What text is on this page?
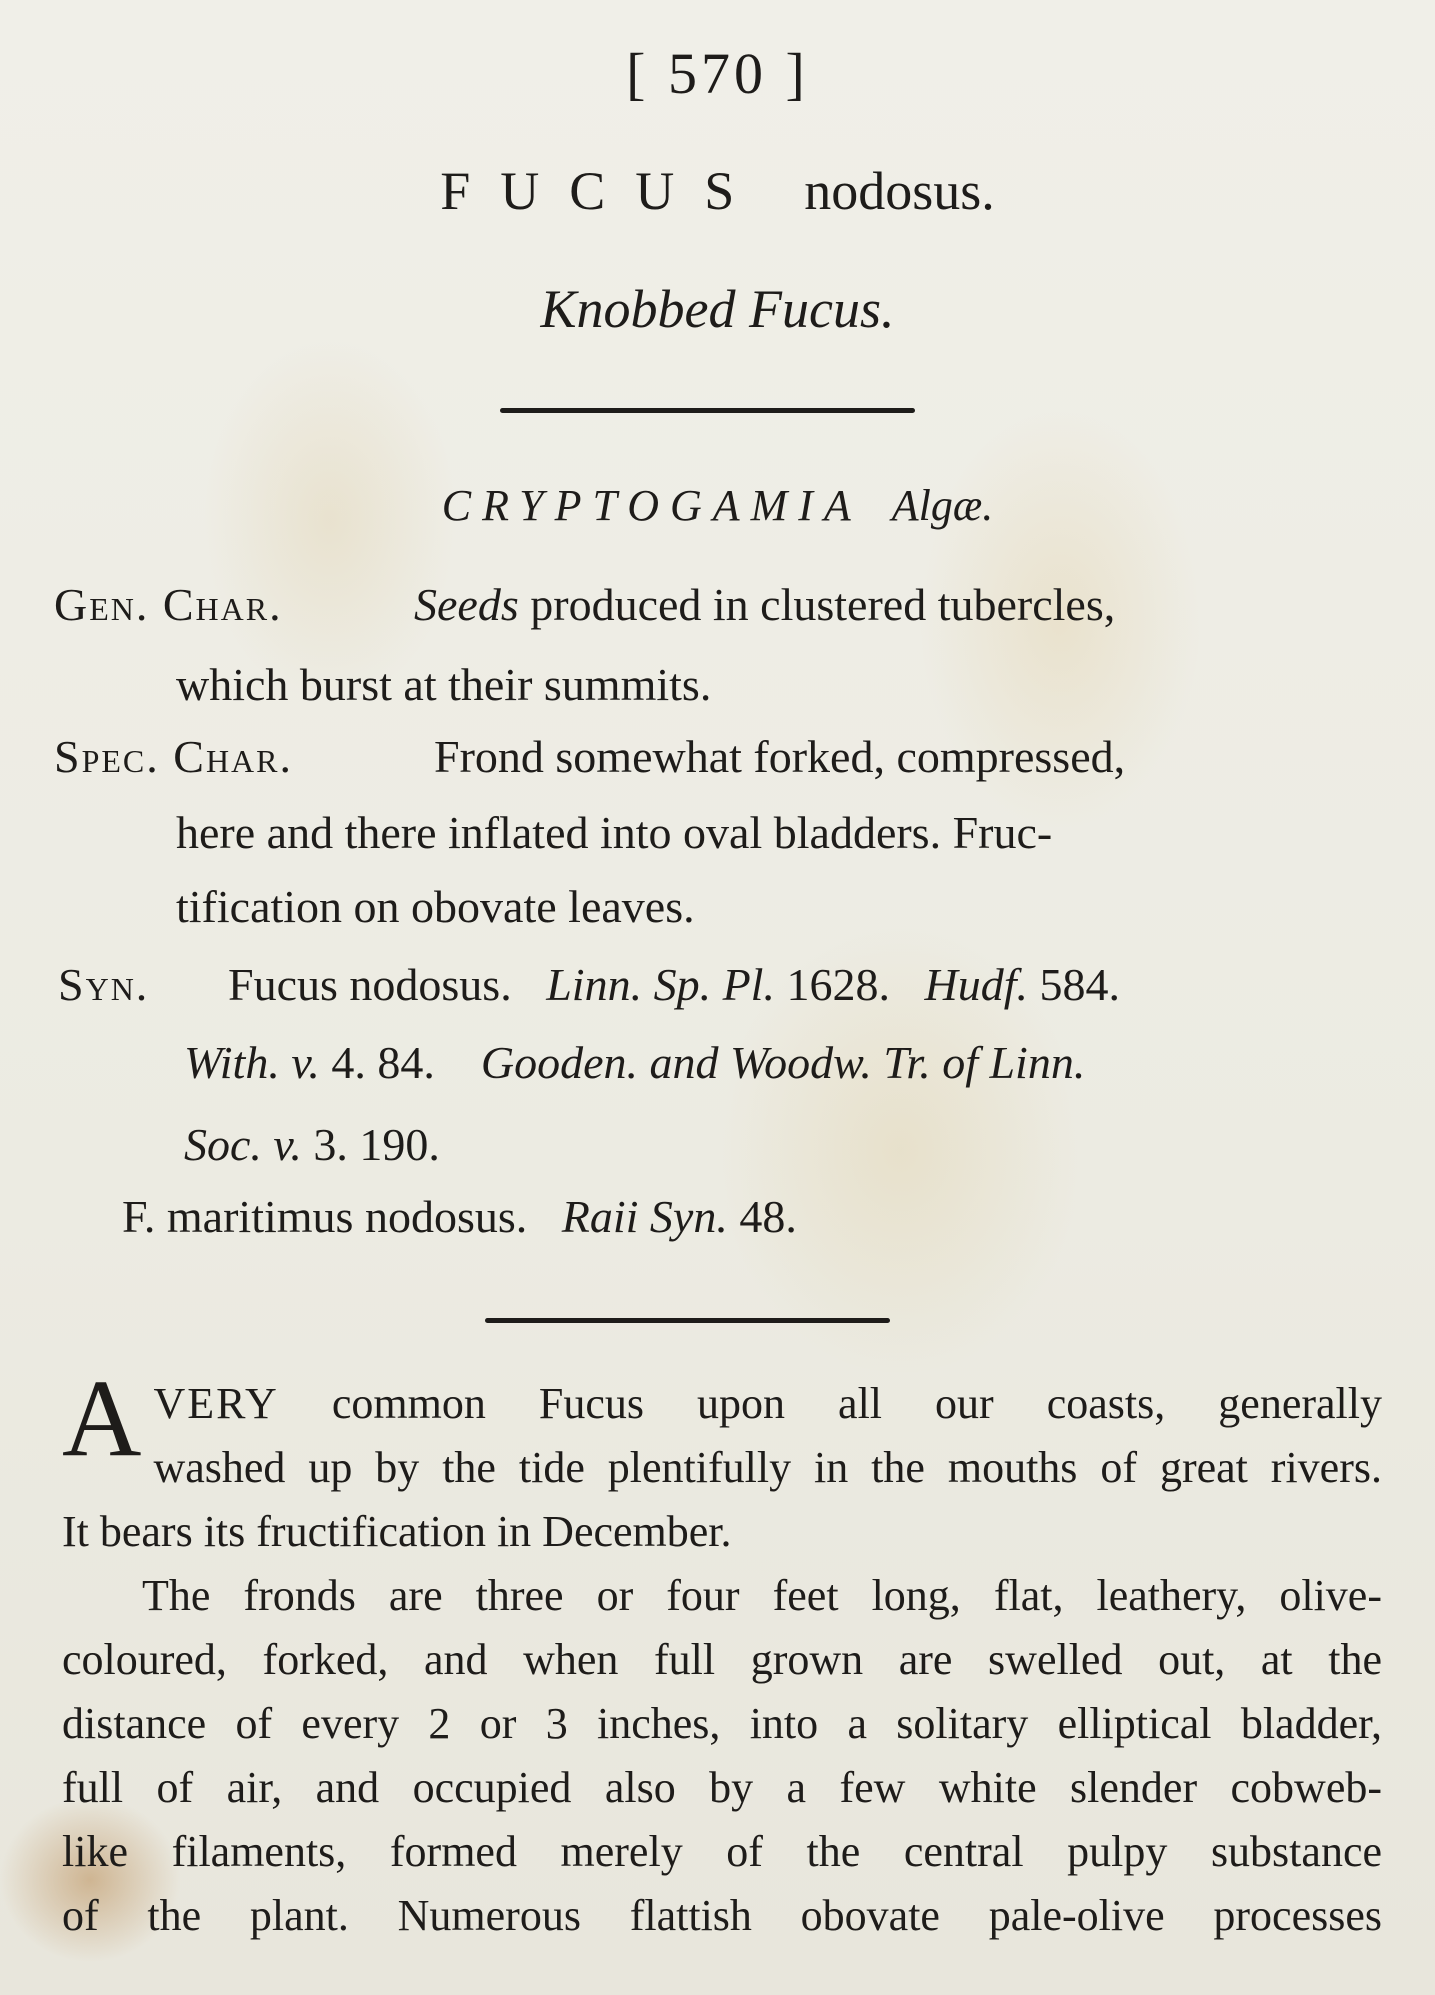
[ 570 ]
FUCUS nodosus.
Knobbed Fucus.
CRYPTOGAMIA Algæ.
Gen. Char.	Seeds produced in clustered tubercles,
which burst at their summits.
Spec. Char.	Frond somewhat forked, compressed,
here and there inflated into oval bladders. Fruc-
tification on obovate leaves.
Syn. Fucus nodosus. Linn. Sp. Pl. 1628. Hudf. 584.
With. v. 4. 84. Gooden. and Woodw. Tr. of Linn.
Soc. v. 3. 190.
F. maritimus nodosus. Raii Syn. 48.

AVERY common Fucus upon all our coasts, generally

washed up by the tide plentifully in the mouths of great rivers.

It bears its fructification in December.

The fronds are three or four feet long, flat, leathery, olive-

coloured, forked, and when full grown are swelled out, at the

distance of every 2 or 3 inches, into a solitary elliptical bladder,

full of air, and occupied also by a few white slender cobweb-

like filaments, formed merely of the central pulpy substance

of the plant. Numerous flattish obovate pale-olive processes
